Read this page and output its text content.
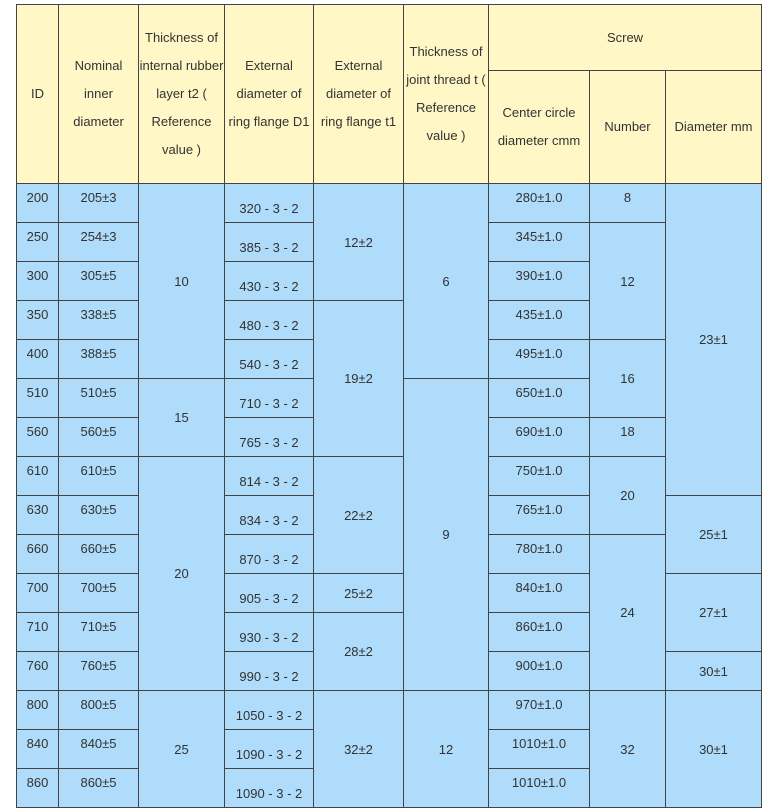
ID	Nominal inner diameter	Thickness of internal rubber layer t2 ( Reference value )	External diameter of ring flange D1	External diameter of ring flange t1	Thickness of joint thread t ( Reference value )	Screw		
						Center circle diameter cmm	Number	Diameter mm
200	205±3	10	320 - 3 - 2	12±2	6	280±1.0	8	23±1
250	254±3		385 - 3 - 2			345±1.0	12	
300	305±5		430 - 3 - 2			390±1.0		
350	338±5		480 - 3 - 2	19±2		435±1.0		
400	388±5		540 - 3 - 2			495±1.0	16	
510	510±5	15	710 - 3 - 2		9	650±1.0		
560	560±5		765 - 3 - 2			690±1.0	18	
610	610±5	20	814 - 3 - 2	22±2		750±1.0	20	
630	630±5		834 - 3 - 2			765±1.0		25±1
660	660±5		870 - 3 - 2			780±1.0	24	
700	700±5		905 - 3 - 2	25±2		840±1.0		27±1
710	710±5		930 - 3 - 2	28±2		860±1.0		
760	760±5		990 - 3 - 2			900±1.0		30±1
800	800±5	25	1050 - 3 - 2	32±2	12	970±1.0	32	30±1
840	840±5		1090 - 3 - 2			1010±1.0		
860	860±5		1090 - 3 - 2			1010±1.0		
